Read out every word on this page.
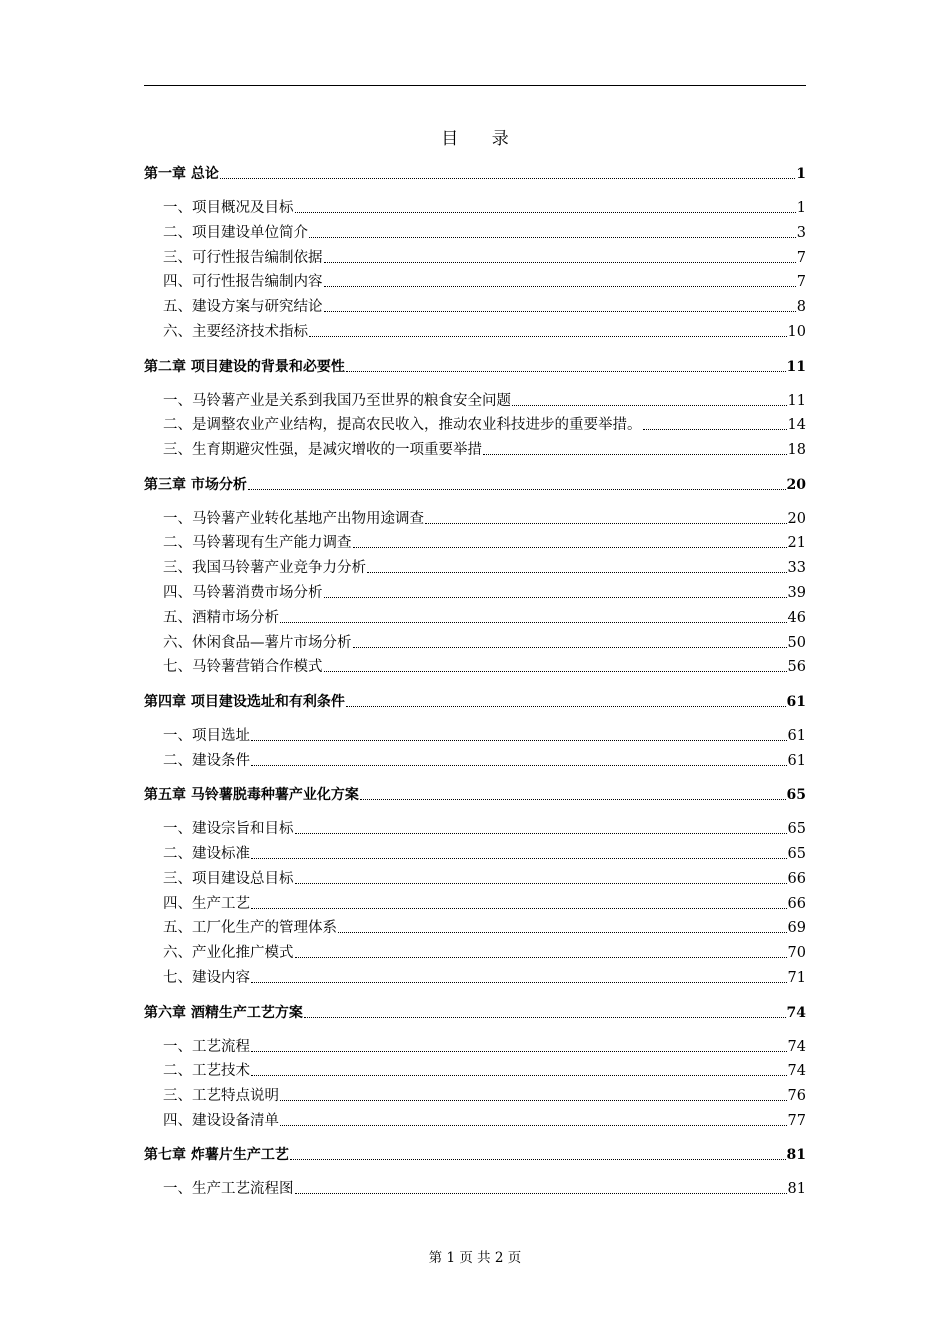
目 录
第一章 总论	1
一、项目概况及目标	1
二、项目建设单位简介	3
三、可行性报告编制依据	7
四、可行性报告编制内容	7
五、建设方案与研究结论	8
六、主要经济技术指标	10
第二章 项目建设的背景和必要性	11
一、马铃薯产业是关系到我国乃至世界的粮食安全问题	11
二、是调整农业产业结构，提高农民收入，推动农业科技进步的重要举措。	14
三、生育期避灾性强，是减灾增收的一项重要举措	18
第三章 市场分析	20
一、马铃薯产业转化基地产出物用途调查	20
二、马铃薯现有生产能力调查	21
三、我国马铃薯产业竞争力分析	33
四、马铃薯消费市场分析	39
五、酒精市场分析	46
六、休闲食品—薯片市场分析	50
七、马铃薯营销合作模式	56
第四章 项目建设选址和有利条件	61
一、项目选址	61
二、建设条件	61
第五章 马铃薯脱毒种薯产业化方案	65
一、建设宗旨和目标	65
二、建设标准	65
三、项目建设总目标	66
四、生产工艺	66
五、工厂化生产的管理体系	69
六、产业化推广模式	70
七、建设内容	71
第六章 酒精生产工艺方案	74
一、工艺流程	74
二、工艺技术	74
三、工艺特点说明	76
四、建设设备清单	77
第七章 炸薯片生产工艺	81
一、生产工艺流程图	81
第 1 页 共 2 页
